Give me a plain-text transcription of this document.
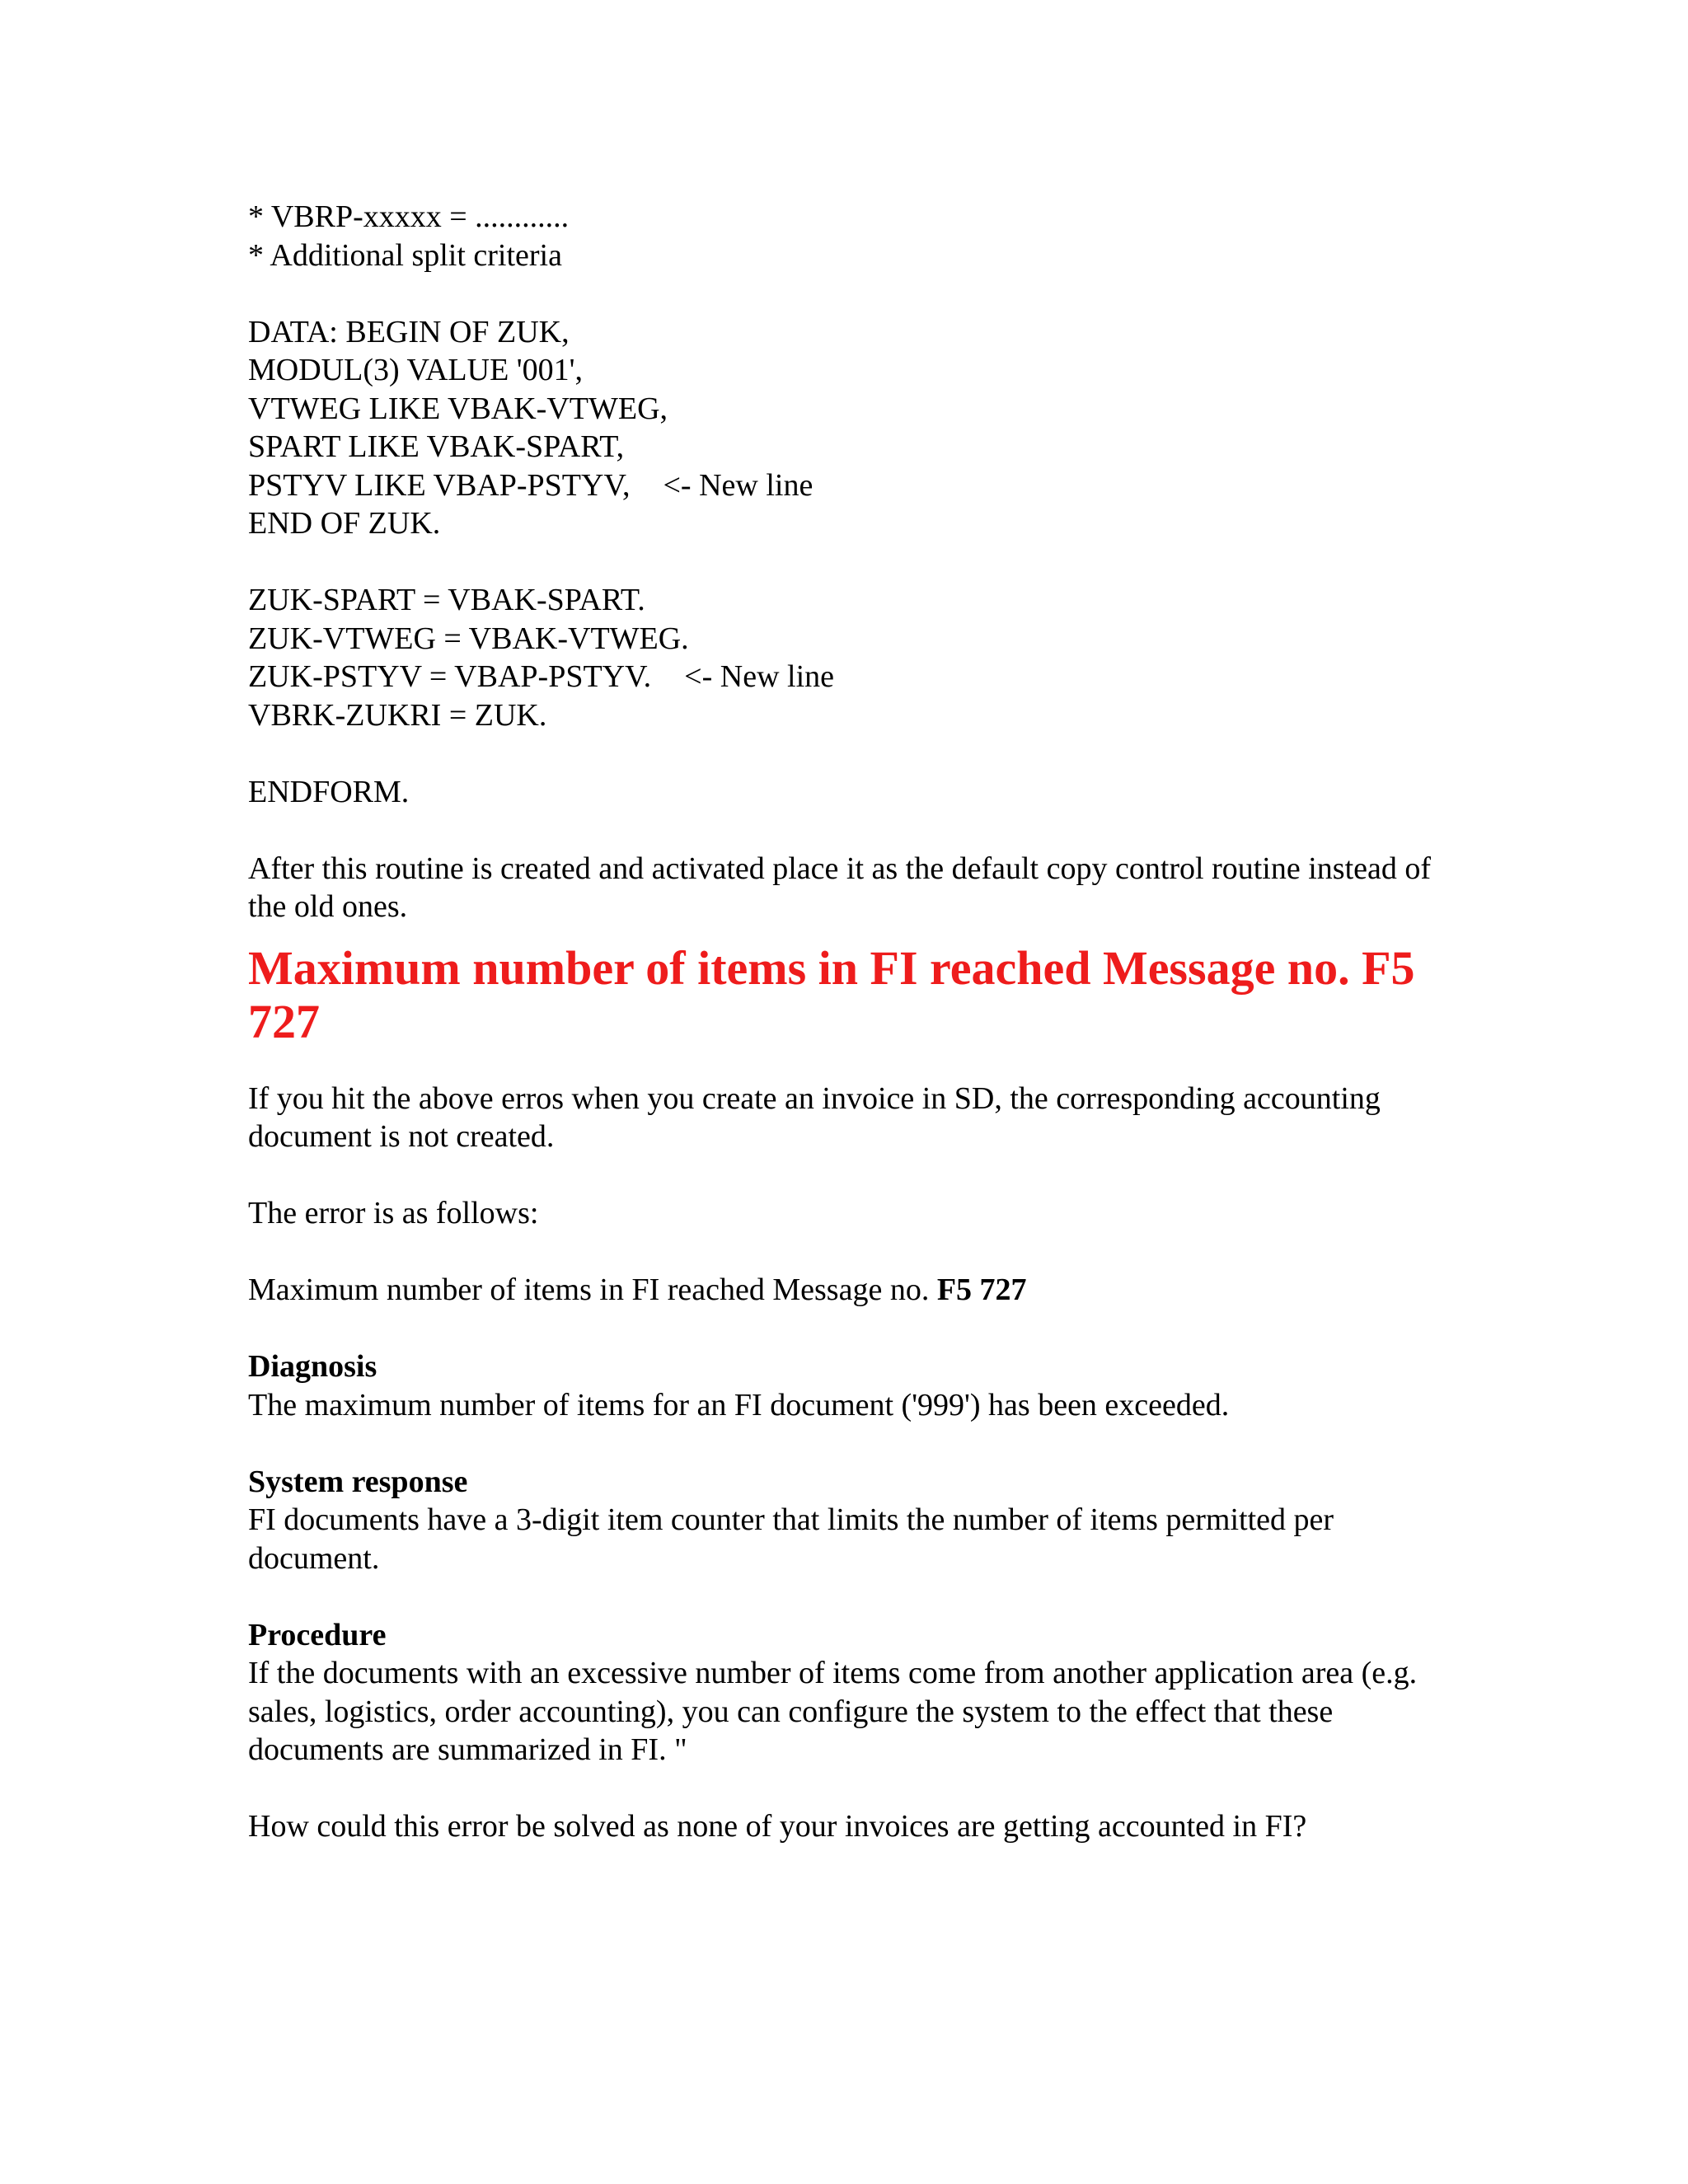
* VBRP-xxxxx = ............

* Additional split criteria

DATA: BEGIN OF ZUK,

MODUL(3) VALUE '001',

VTWEG LIKE VBAK-VTWEG,

SPART LIKE VBAK-SPART,

PSTYV LIKE VBAP-PSTYV, <- New line

END OF ZUK.

ZUK-SPART = VBAK-SPART.

ZUK-VTWEG = VBAK-VTWEG.

ZUK-PSTYV = VBAP-PSTYV. <- New line

VBRK-ZUKRI = ZUK.

ENDFORM.

After this routine is created and activated place it as the default copy control routine instead of the old ones.

Maximum number of items in FI reached Message no. F5 727

If you hit the above erros when you create an invoice in SD, the corresponding accounting document is not created.

The error is as follows:

Maximum number of items in FI reached Message no. F5 727

Diagnosis

The maximum number of items for an FI document ('999') has been exceeded.

System response

FI documents have a 3-digit item counter that limits the number of items permitted per document.

Procedure

If the documents with an excessive number of items come from another application area (e.g. sales, logistics, order accounting), you can configure the system to the effect that these documents are summarized in FI. "

How could this error be solved as none of your invoices are getting accounted in FI?
